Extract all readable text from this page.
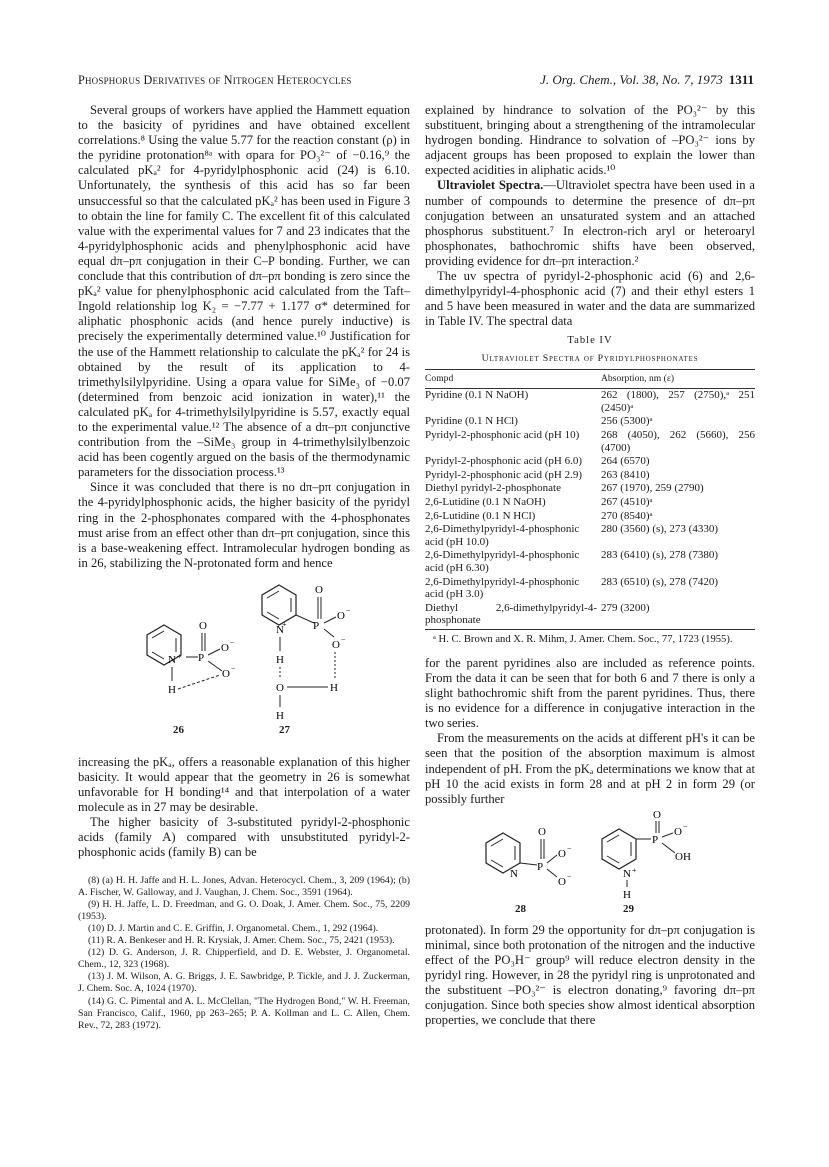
Phosphorus Derivatives of Nitrogen Heterocycles	J. Org. Chem., Vol. 38, No. 7, 1973 1311

Several groups of workers have applied the Hammett equation to the basicity of pyridines and have obtained excellent correlations.⁸ Using the value 5.77 for the reaction constant (ρ) in the pyridine protonation⁸ᵃ with σpara for PO₃²⁻ of −0.16,⁹ the calculated pKₐ² for 4-pyridylphosphonic acid (24) is 6.10. Unfortunately, the synthesis of this acid has so far been unsuccessful so that the calculated pKₐ² has been used in Figure 3 to obtain the line for family C. The excellent fit of this calculated value with the experimental values for 7 and 23 indicates that the 4-pyridylphosphonic acids and phenylphosphonic acid have equal dπ–pπ conjugation in their C–P bonding. Further, we can conclude that this contribution of dπ–pπ bonding is zero since the pKₐ² value for phenylphosphonic acid calculated from the Taft–Ingold relationship log K₂ = −7.77 + 1.177 σ* determined for aliphatic phosphonic acids (and hence purely inductive) is precisely the experimentally determined value.¹⁰ Justification for the use of the Hammett relationship to calculate the pKₐ² for 24 is obtained by the result of its application to 4-trimethylsilylpyridine. Using a σpara value for SiMe₃ of −0.07 (determined from benzoic acid ionization in water),¹¹ the calculated pKₐ for 4-trimethylsilylpyridine is 5.57, exactly equal to the experimental value.¹² The absence of a dπ–pπ conjunctive contribution from the –SiMe₃ group in 4-trimethylsilylbenzoic acid has been cogently argued on the basis of the thermodynamic parameters for the dissociation process.¹³

Since it was concluded that there is no dπ–pπ conjugation in the 4-pyridylphosphonic acids, the higher basicity of the pyridyl ring in the 2-phosphonates compared with the 4-phosphonates must arise from an effect other than dπ–pπ conjugation, since this is a base-weakening effect. Intramolecular hydrogen bonding as in 26, stabilizing the N-protonated form and hence

N
+ P
O
O −
O −
H
O	H
H
N + P
O
O −
O −
H
26	27

increasing the pKₐ, offers a reasonable explanation of this higher basicity. It would appear that the geometry in 26 is somewhat unfavorable for H bonding¹⁴ and that interpolation of a water molecule as in 27 may be desirable.

The higher basicity of 3-substituted pyridyl-2-phosphonic acids (family A) compared with unsubstituted pyridyl-2-phosphonic acids (family B) can be

(8) (a) H. H. Jaffe and H. L. Jones, Advan. Heterocycl. Chem., 3, 209 (1964); (b) A. Fischer, W. Galloway, and J. Vaughan, J. Chem. Soc., 3591 (1964).
(9) H. H. Jaffe, L. D. Freedman, and G. O. Doak, J. Amer. Chem. Soc., 75, 2209 (1953).
(10) D. J. Martin and C. E. Griffin, J. Organometal. Chem., 1, 292 (1964).
(11) R. A. Benkeser and H. R. Krysiak, J. Amer. Chem. Soc., 75, 2421 (1953).
(12) D. G. Anderson, J. R. Chipperfield, and D. E. Webster, J. Organometal. Chem., 12, 323 (1968).
(13) J. M. Wilson, A. G. Briggs, J. E. Sawbridge, P. Tickle, and J. J. Zuckerman, J. Chem. Soc. A, 1024 (1970).
(14) G. C. Pimental and A. L. McClellan, "The Hydrogen Bond," W. H. Freeman, San Francisco, Calif., 1960, pp 263–265; P. A. Kollman and L. C. Allen, Chem. Rev., 72, 283 (1972).

explained by hindrance to solvation of the PO₃²⁻ by this substituent, bringing about a strengthening of the intramolecular hydrogen bonding. Hindrance to solvation of –PO₃²⁻ ions by adjacent groups has been proposed to explain the lower than expected acidities in aliphatic acids.¹⁰

Ultraviolet Spectra.—Ultraviolet spectra have been used in a number of compounds to determine the presence of dπ–pπ conjugation between an unsaturated system and an attached phosphorus substituent.⁷ In electron-rich aryl or heteroaryl phosphonates, bathochromic shifts have been observed, providing evidence for dπ–pπ interaction.²

The uv spectra of pyridyl-2-phosphonic acid (6) and 2,6-dimethylpyridyl-4-phosphonic acid (7) and their ethyl esters 1 and 5 have been measured in water and the data are summarized in Table IV. The spectral data

Table IV
Ultraviolet Spectra of Pyridylphosphonates
Compd	Absorption, nm (ε)
Pyridine (0.1 N NaOH)	262 (1800), 257 (2750),ᵃ 251 (2450)ᵃ
Pyridine (0.1 N HCl)	256 (5300)ᵃ
Pyridyl-2-phosphonic acid (pH 10)	268 (4050), 262 (5660), 256 (4700)
Pyridyl-2-phosphonic acid (pH 6.0)	264 (6570)
Pyridyl-2-phosphonic acid (pH 2.9)	263 (8410)
Diethyl pyridyl-2-phosphonate	267 (1970), 259 (2790)
2,6-Lutidine (0.1 N NaOH)	267 (4510)ᵃ
2,6-Lutidine (0.1 N HCl)	270 (8540)ᵃ
2,6-Dimethylpyridyl-4-phosphonic acid (pH 10.0)	280 (3560) (s), 273 (4330)
2,6-Dimethylpyridyl-4-phosphonic acid (pH 6.30)	283 (6410) (s), 278 (7380)
2,6-Dimethylpyridyl-4-phosphonic acid (pH 3.0)	283 (6510) (s), 278 (7420)
Diethyl 2,6-dimethylpyridyl-4-phosphonate	279 (3200)
ᵃ H. C. Brown and X. R. Mihm, J. Amer. Chem. Soc., 77, 1723 (1955).

for the parent pyridines also are included as reference points. From the data it can be seen that for both 6 and 7 there is only a slight bathochromic shift from the parent pyridines. Thus, there is no evidence for a difference in conjugative interaction in the two series.

From the measurements on the acids at different pH's it can be seen that the position of the absorption maximum is almost independent of pH. From the pKₐ determinations we know that at pH 10 the acid exists in form 28 and at pH 2 in form 29 (or possibly further

N
P
O
O −
O −	N +
P
O
O −
OH
H
28	29

protonated). In form 29 the opportunity for dπ–pπ conjugation is minimal, since both protonation of the nitrogen and the inductive effect of the PO₃H⁻ group⁹ will reduce electron density in the pyridyl ring. However, in 28 the pyridyl ring is unprotonated and the substituent –PO₃²⁻ is electron donating,⁹ favoring dπ–pπ conjugation. Since both species show almost identical absorption properties, we conclude that there
